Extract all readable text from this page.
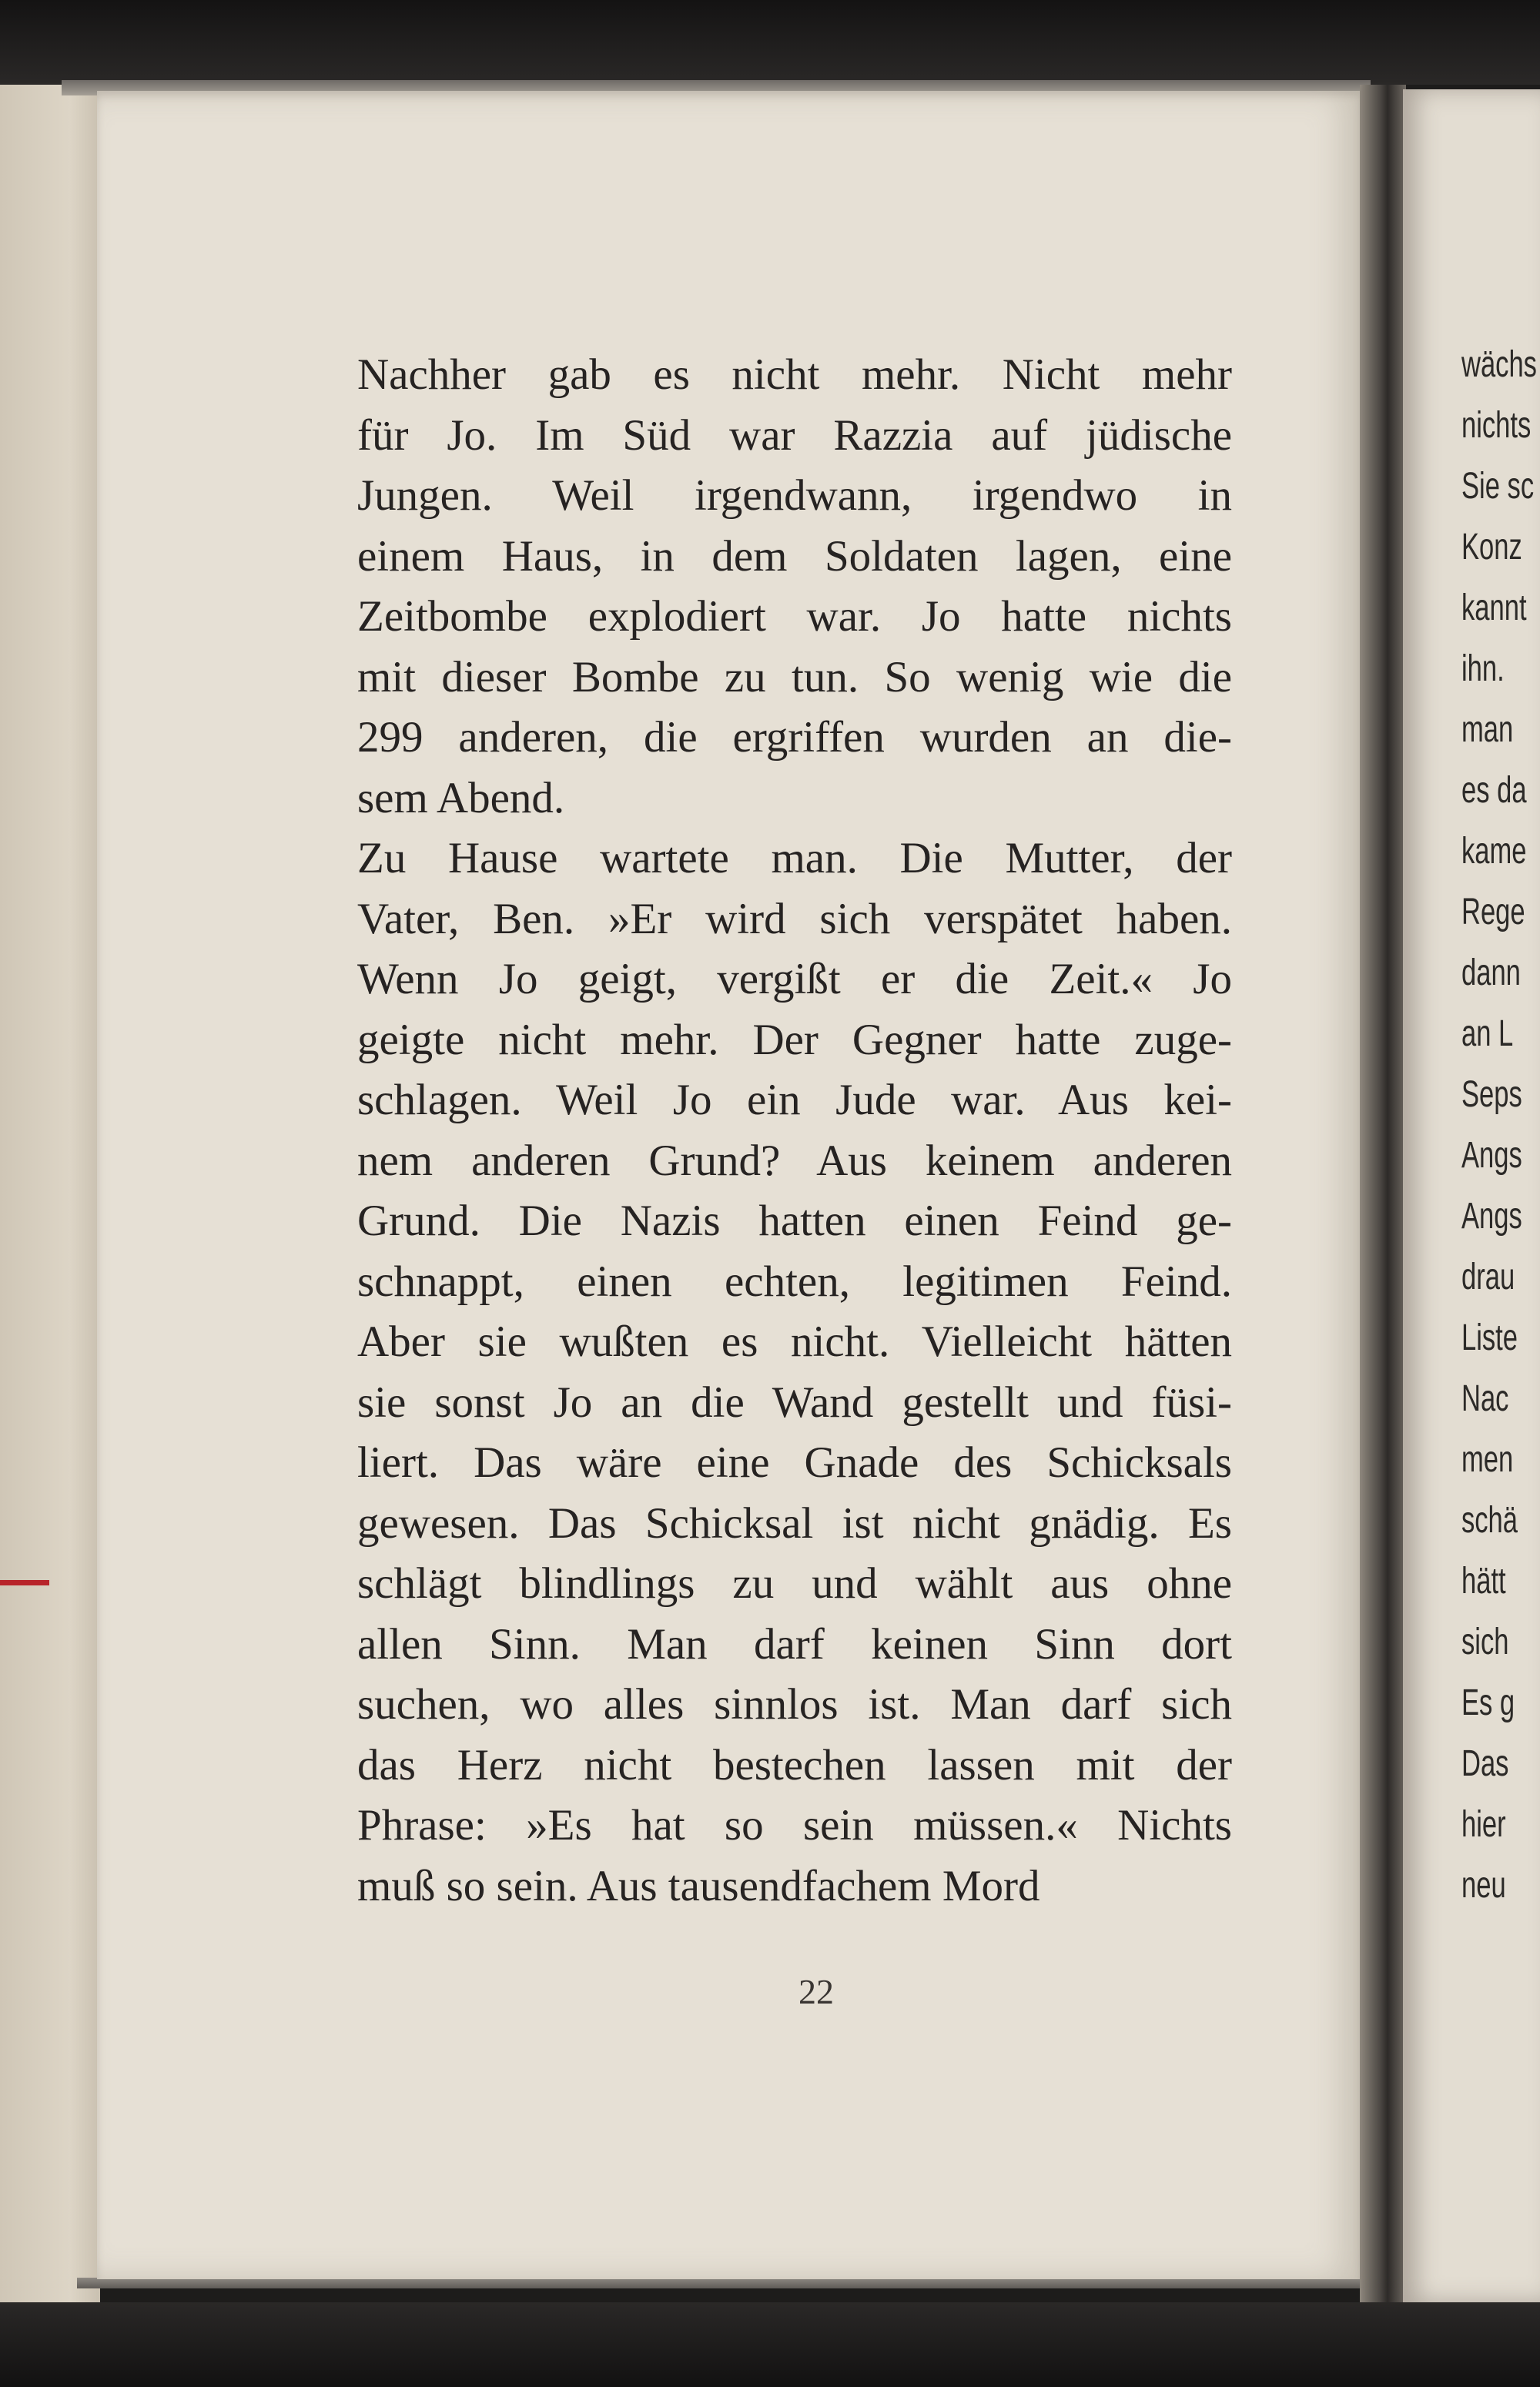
Nachher gab es nicht mehr. Nicht mehr
für Jo. Im Süd war Razzia auf jüdische
Jungen. Weil irgendwann, irgendwo in
einem Haus, in dem Soldaten lagen, eine
Zeitbombe explodiert war. Jo hatte nichts
mit dieser Bombe zu tun. So wenig wie die
299 anderen, die ergriffen wurden an die-
sem Abend.
Zu Hause wartete man. Die Mutter, der
Vater, Ben. »Er wird sich verspätet haben.
Wenn Jo geigt, vergißt er die Zeit.« Jo
geigte nicht mehr. Der Gegner hatte zuge-
schlagen. Weil Jo ein Jude war. Aus kei-
nem anderen Grund? Aus keinem anderen
Grund. Die Nazis hatten einen Feind ge-
schnappt, einen echten, legitimen Feind.
Aber sie wußten es nicht. Vielleicht hätten
sie sonst Jo an die Wand gestellt und füsi-
liert. Das wäre eine Gnade des Schicksals
gewesen. Das Schicksal ist nicht gnädig. Es
schlägt blindlings zu und wählt aus ohne
allen Sinn. Man darf keinen Sinn dort
suchen, wo alles sinnlos ist. Man darf sich
das Herz nicht bestechen lassen mit der
Phrase: »Es hat so sein müssen.« Nichts
muß so sein. Aus tausendfachem Mord
22
wächs
nichts
Sie sc
Konz
kannt
ihn.
man
es da
kame
Rege
dann
an L
Seps
Angs
Angs
drau
Liste
Nac
men
schä
hätt
sich
Es g
Das
hier
neu
